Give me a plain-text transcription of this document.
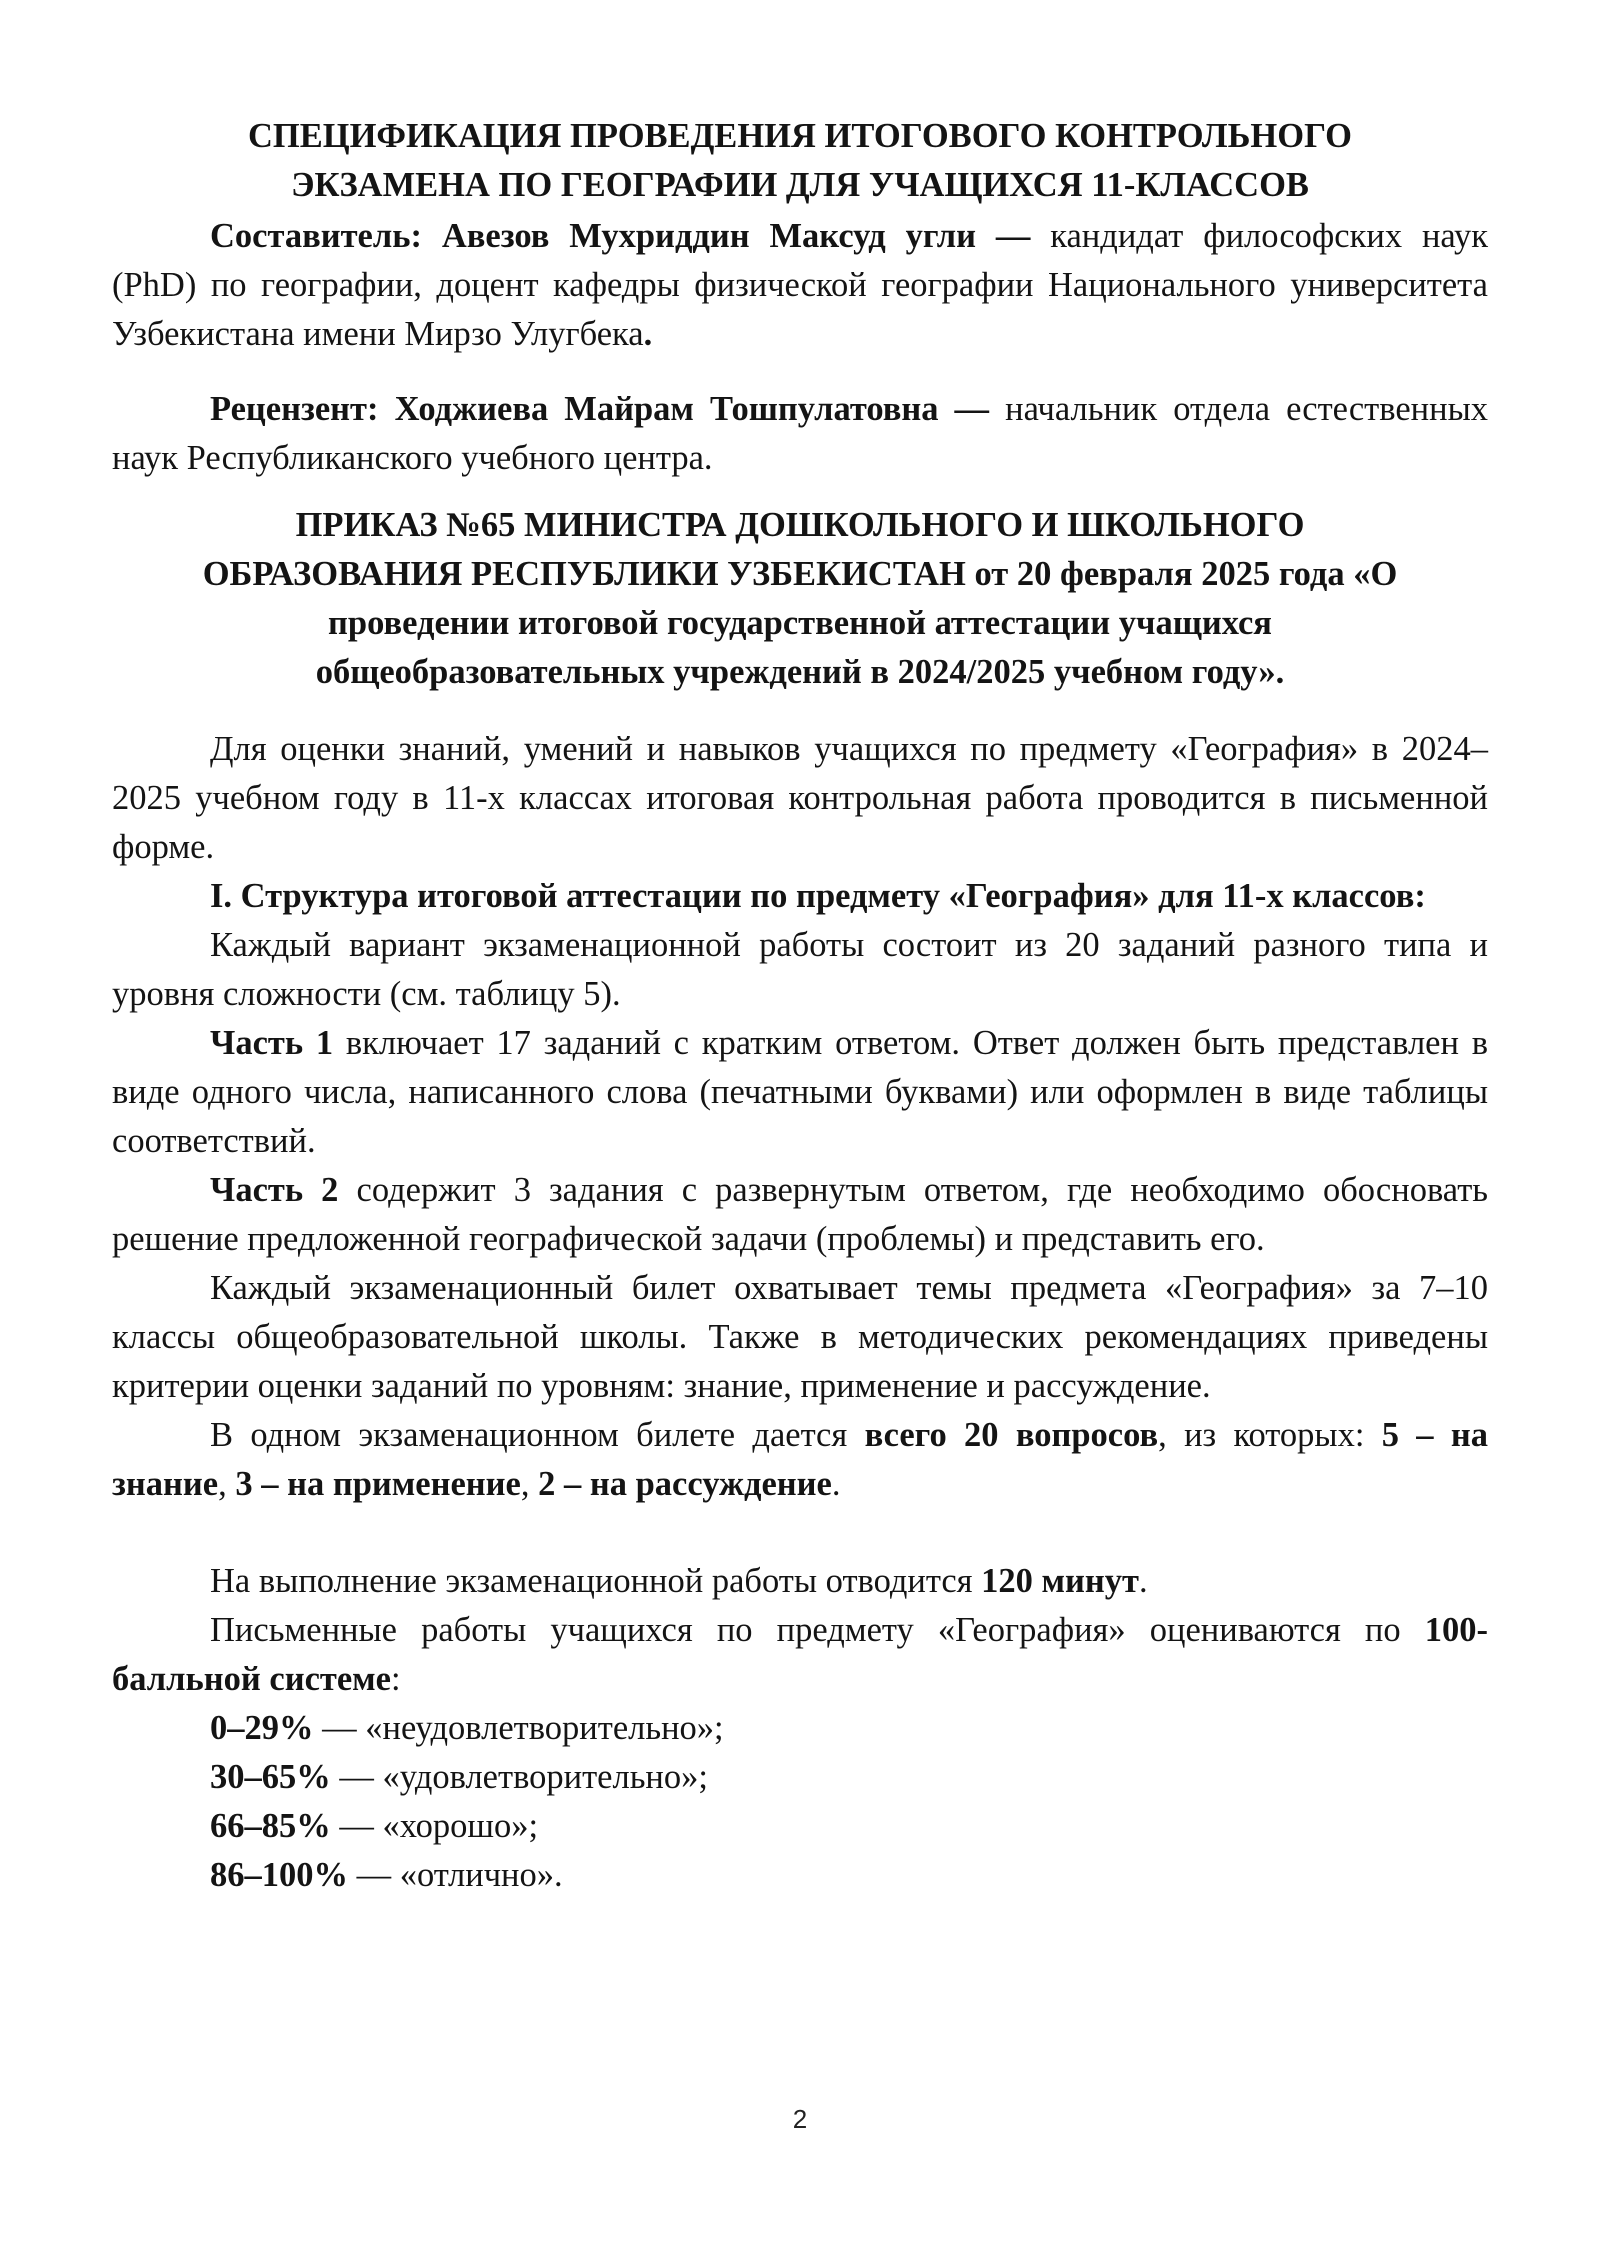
СПЕЦИФИКАЦИЯ ПРОВЕДЕНИЯ ИТОГОВОГО КОНТРОЛЬНОГО
ЭКЗАМЕНА ПО ГЕОГРАФИИ ДЛЯ УЧАЩИХСЯ 11-КЛАССОВ

Составитель: Авезов Мухриддин Максуд угли — кандидат философских наук (PhD) по географии, доцент кафедры физической географии Национального университета Узбекистана имени Мирзо Улугбека.

Рецензент: Ходжиева Майрам Тошпулатовна — начальник отдела естественных наук Республиканского учебного центра.

ПРИКАЗ №65 МИНИСТРА ДОШКОЛЬНОГО И ШКОЛЬНОГО
ОБРАЗОВАНИЯ РЕСПУБЛИКИ УЗБЕКИСТАН от 20 февраля 2025 года «О
проведении итоговой государственной аттестации учащихся
общеобразовательных учреждений в 2024/2025 учебном году».

Для оценки знаний, умений и навыков учащихся по предмету «География» в 2024–2025 учебном году в 11-х классах итоговая контрольная работа проводится в письменной форме.

I. Структура итоговой аттестации по предмету «География» для 11-х классов:

Каждый вариант экзаменационной работы состоит из 20 заданий разного типа и уровня сложности (см. таблицу 5).

Часть 1 включает 17 заданий с кратким ответом. Ответ должен быть представлен в виде одного числа, написанного слова (печатными буквами) или оформлен в виде таблицы соответствий.

Часть 2 содержит 3 задания с развернутым ответом, где необходимо обосновать решение предложенной географической задачи (проблемы) и представить его.

Каждый экзаменационный билет охватывает темы предмета «География» за 7–10 классы общеобразовательной школы. Также в методических рекомендациях приведены критерии оценки заданий по уровням: знание, применение и рассуждение.

В одном экзаменационном билете дается всего 20 вопросов, из которых: 5 – на знание, 3 – на применение, 2 – на рассуждение.

На выполнение экзаменационной работы отводится 120 минут.

Письменные работы учащихся по предмету «География» оцениваются по 100-балльной системе:

0–29% — «неудовлетворительно»;

30–65% — «удовлетворительно»;

66–85% — «хорошо»;

86–100% — «отлично».

2
